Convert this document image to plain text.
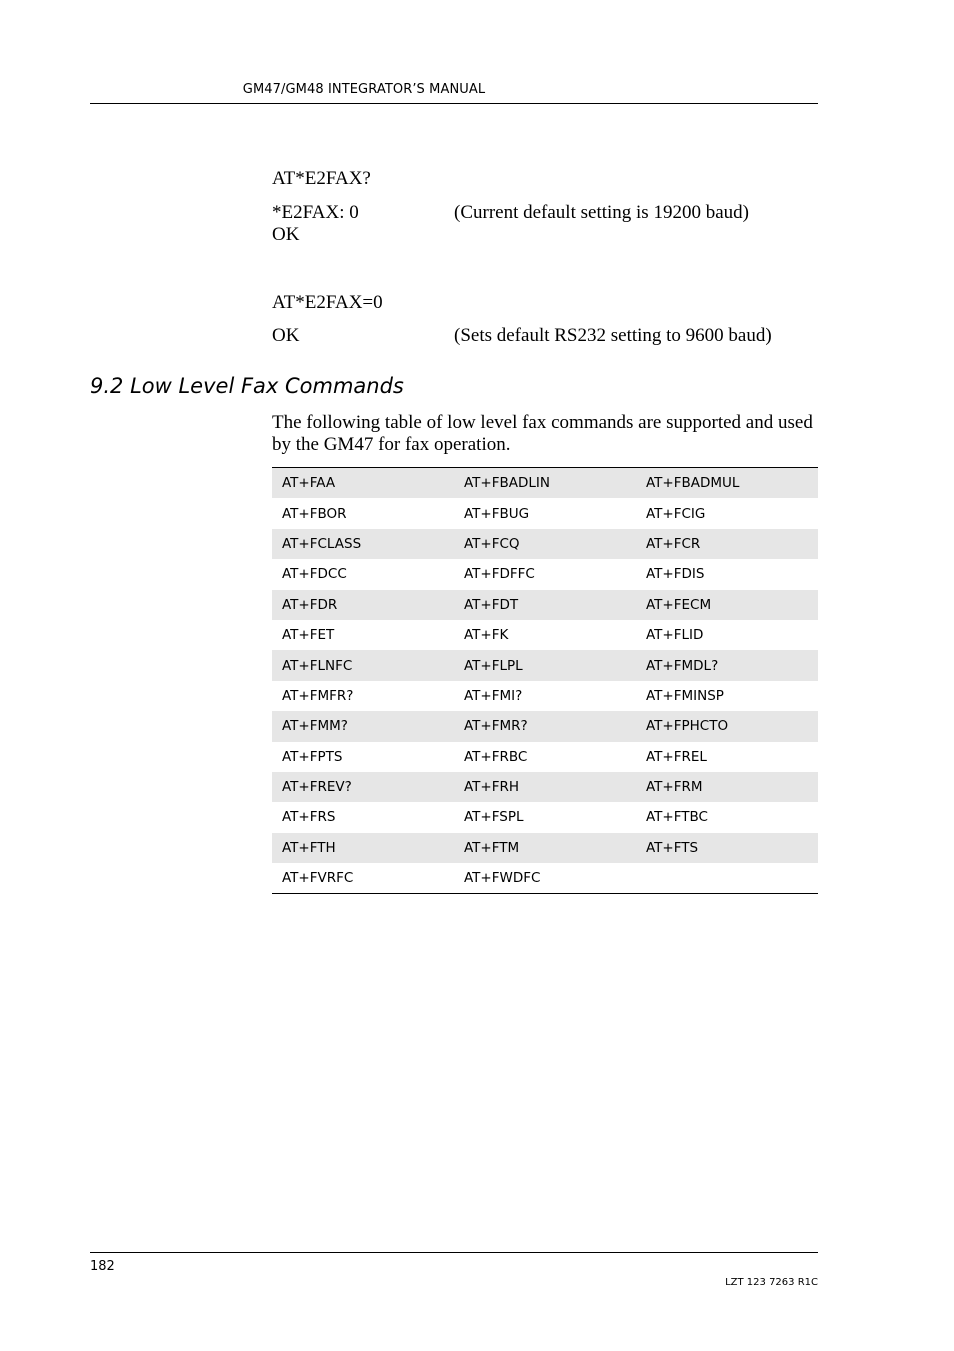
GM47/GM48 INTEGRATOR’S MANUAL
AT*E2FAX?
*E2FAX: 0	(Current default setting is 19200 baud)
OK
AT*E2FAX=0
OK	(Sets default RS232 setting to 9600 baud)
9.2 Low Level Fax Commands
The following table of low level fax commands are supported and used by the GM47 for fax operation.
AT+FAA	AT+FBADLIN	AT+FBADMUL
AT+FBOR	AT+FBUG	AT+FCIG
AT+FCLASS	AT+FCQ	AT+FCR
AT+FDCC	AT+FDFFC	AT+FDIS
AT+FDR	AT+FDT	AT+FECM
AT+FET	AT+FK	AT+FLID
AT+FLNFC	AT+FLPL	AT+FMDL?
AT+FMFR?	AT+FMI?	AT+FMINSP
AT+FMM?	AT+FMR?	AT+FPHCTO
AT+FPTS	AT+FRBC	AT+FREL
AT+FREV?	AT+FRH	AT+FRM
AT+FRS	AT+FSPL	AT+FTBC
AT+FTH	AT+FTM	AT+FTS
AT+FVRFC	AT+FWDFC
182
LZT 123 7263 R1C
